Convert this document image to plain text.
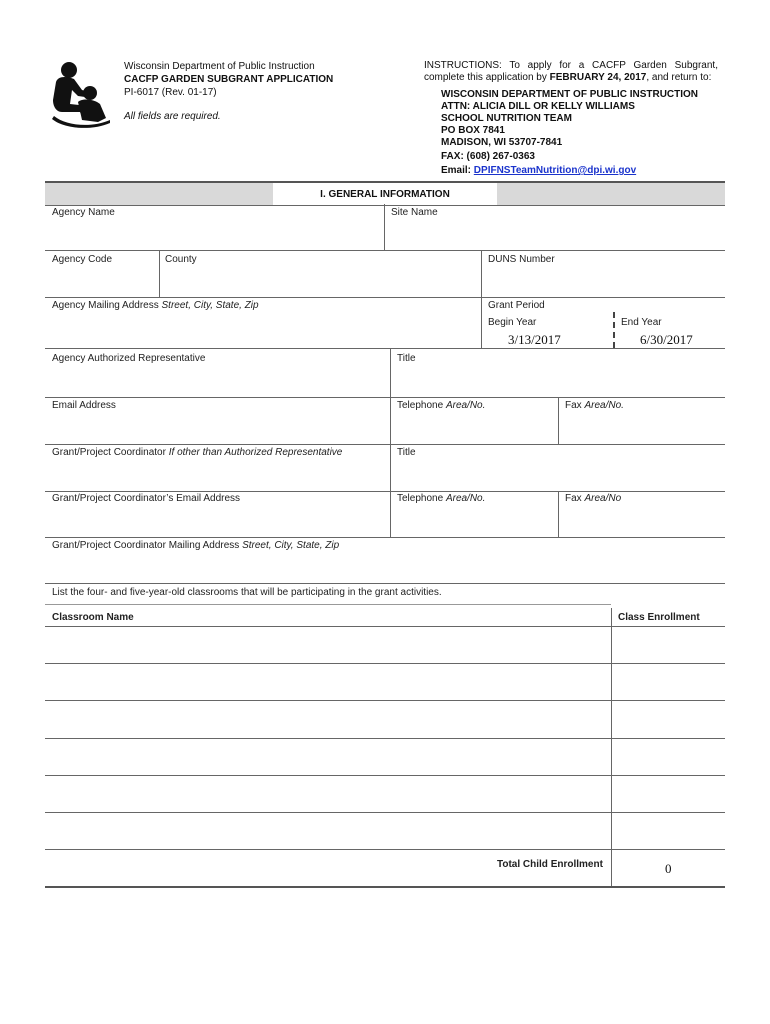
Wisconsin Department of Public Instruction
CACFP GARDEN SUBGRANT APPLICATION
PI-6017 (Rev. 01-17)
All fields are required.
INSTRUCTIONS: To apply for a CACFP Garden Subgrant, complete this application by FEBRUARY 24, 2017, and return to:
WISCONSIN DEPARTMENT OF PUBLIC INSTRUCTION
ATTN: ALICIA DILL OR KELLY WILLIAMS
SCHOOL NUTRITION TEAM
PO BOX 7841
MADISON, WI 53707-7841
FAX: (608) 267-0363
Email: DPIFNSTeamNutrition@dpi.wi.gov
I. GENERAL INFORMATION
Agency Name	Site Name
Agency Code	County	DUNS Number
Agency Mailing Address Street, City, State, Zip	Grant Period
Begin Year
3/13/2017
End Year
6/30/2017
Agency Authorized Representative	Title
Email Address	Telephone Area/No.	Fax Area/No.
Grant/Project Coordinator If other than Authorized Representative	Title
Grant/Project Coordinator’s Email Address	Telephone Area/No.	Fax Area/No
Grant/Project Coordinator Mailing Address Street, City, State, Zip
List the four- and five-year-old classrooms that will be participating in the grant activities.
Classroom Name	Class Enrollment
Total Child Enrollment	0
